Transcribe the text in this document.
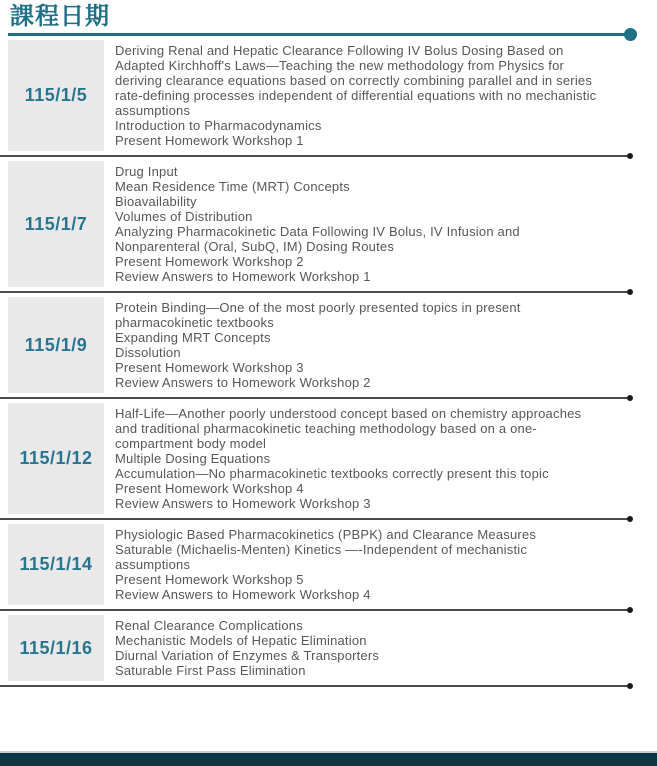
課程日期
115/1/5
Deriving Renal and Hepatic Clearance Following IV Bolus Dosing Based on Adapted Kirchhoff's Laws—Teaching the new methodology from Physics for deriving clearance equations based on correctly combining parallel and in series rate-defining processes independent of differential equations with no mechanistic assumptions
Introduction to Pharmacodynamics
Present Homework Workshop 1
115/1/7
Drug Input
Mean Residence Time (MRT) Concepts
Bioavailability
Volumes of Distribution
Analyzing Pharmacokinetic Data Following IV Bolus, IV Infusion and Nonparenteral (Oral, SubQ, IM) Dosing Routes
Present Homework Workshop 2
Review Answers to Homework Workshop 1
115/1/9
Protein Binding—One of the most poorly presented topics in present pharmacokinetic textbooks
Expanding MRT Concepts
Dissolution
Present Homework Workshop 3
Review Answers to Homework Workshop 2
115/1/12
Half-Life—Another poorly understood concept based on chemistry approaches and traditional pharmacokinetic teaching methodology based on a one-compartment body model
Multiple Dosing Equations
Accumulation—No pharmacokinetic textbooks correctly present this topic
Present Homework Workshop 4
Review Answers to Homework Workshop 3
115/1/14
Physiologic Based Pharmacokinetics (PBPK) and Clearance Measures
Saturable (Michaelis-Menten) Kinetics —-Independent of mechanistic assumptions
Present Homework Workshop 5
Review Answers to Homework Workshop 4
115/1/16
Renal Clearance Complications
Mechanistic Models of Hepatic Elimination
Diurnal Variation of Enzymes & Transporters
Saturable First Pass Elimination
